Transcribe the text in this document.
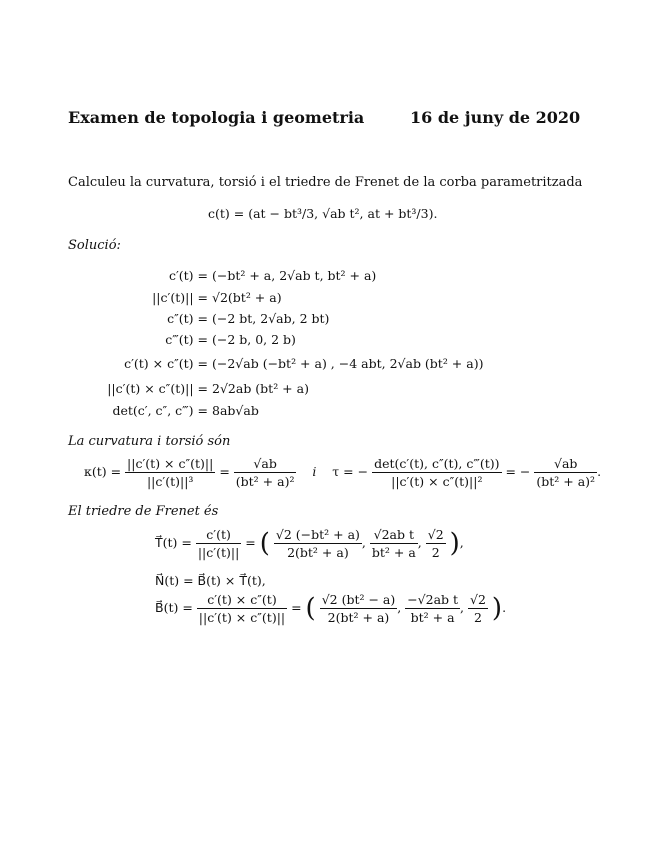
Examen de topologia i geometria	16 de juny de 2020
Calculeu la curvatura, torsió i el triedre de Frenet de la corba parametritzada
c(t) = (at − bt³/3, √ab t², at + bt³/3).
Solució:
c′(t) = (−bt² + a, 2√ab t, bt² + a)
||c′(t)|| = √2(bt² + a)
c″(t) = (−2 bt, 2√ab, 2 bt)
c‴(t) = (−2 b, 0, 2 b)
c′(t) × c″(t) = (−2√ab (−bt² + a) , −4 abt, 2√ab (bt² + a))
||c′(t) × c″(t)|| = 2√2ab (bt² + a)
det(c′, c″, c‴) = 8ab√ab
La curvatura i torsió són
$\kappa(t) = \frac{||c'(t) \times c''(t)||}{\text{||c′(t)||³}} = \frac{√ab}{\text{(bt² + a)²}}$ i τ = − $\frac{\det(c'(t), c''(t), c‴(t))}{\text{||c′(t) × c″(t)||²}}$ = − $\frac{√ab}{\text{(bt² + a)²}}$ .
El triedre de Frenet és
T⃗(t) = $\frac{c'(t)}{||c'(t)||}$ = ( $\frac{\text{√2 (−bt² + a)}}{\text{2(bt² + a)}}$ , $\frac{\text{√2ab t}}{\text{bt² + a}}$ , $\frac{√2}{2}$ ),
N⃗(t) = B⃗(t) × T⃗(t),
B⃗(t) = $\frac{c'(t) \times c''(t)}{||c'(t) \times c''(t)||}$ = ( $\frac{\text{√2 (bt² − a)}}{\text{2(bt² + a)}}$ , $\frac{\text{−√2ab t}}{\text{bt² + a}}$ , $\frac{√2}{2}$ ).
